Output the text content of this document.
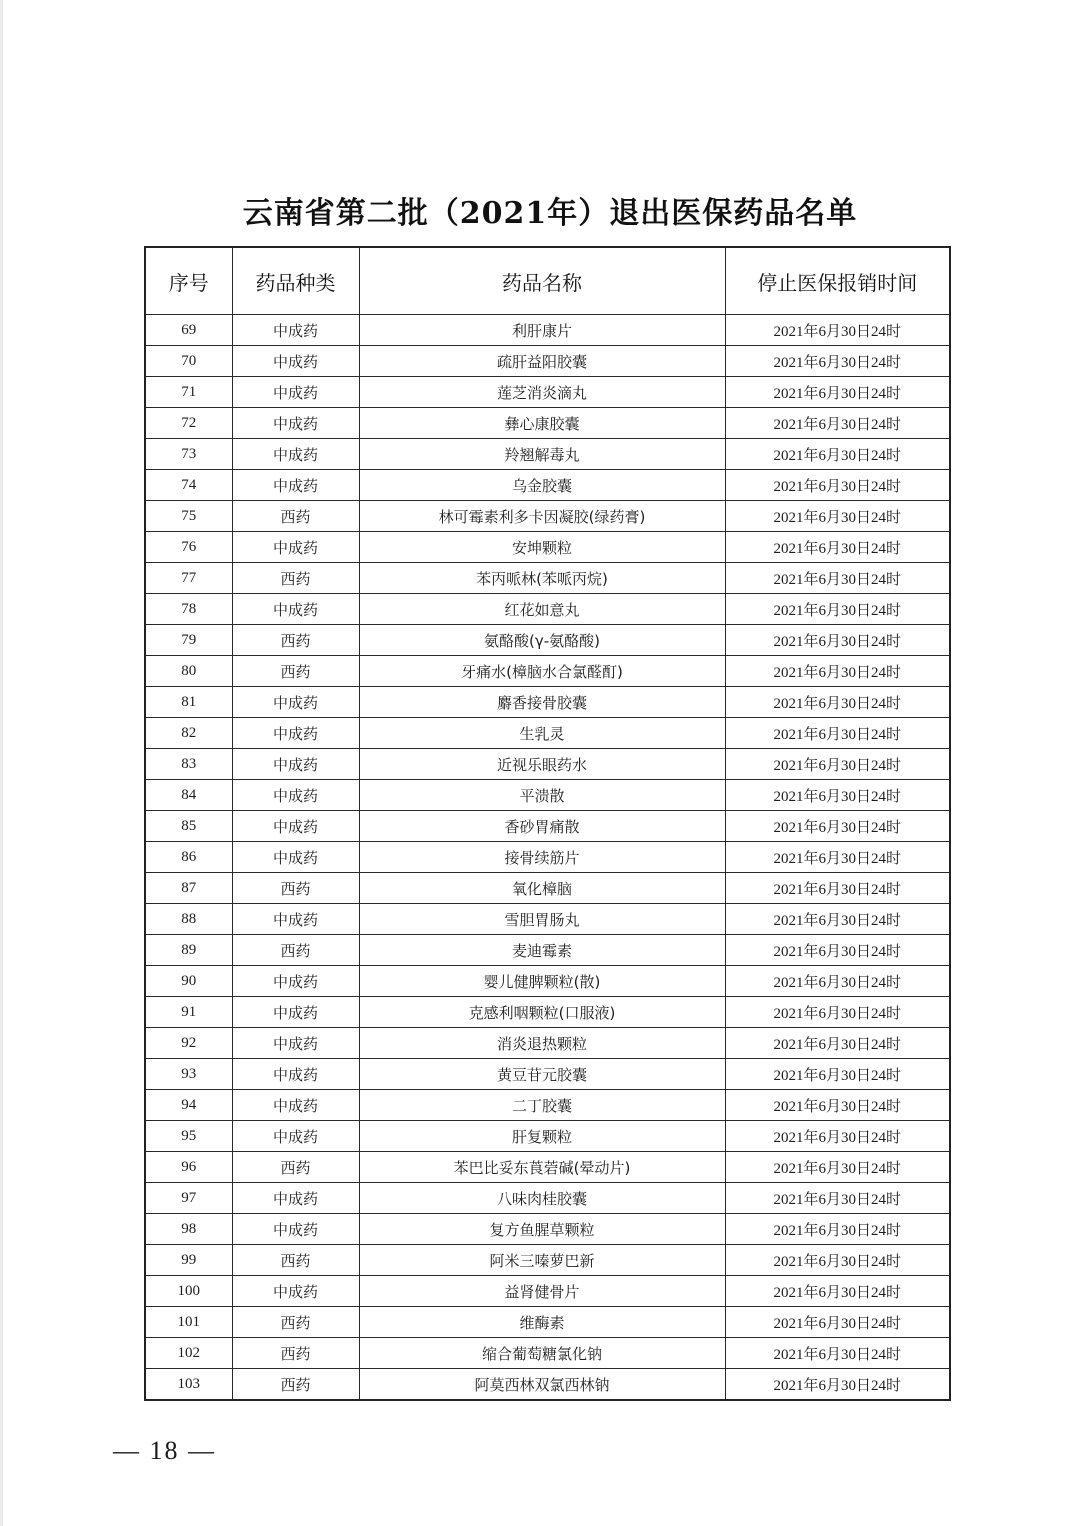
云南省第二批（2021年）退出医保药品名单
序号	药品种类	药品名称	停止医保报销时间
69	中成药	利肝康片	2021年6月30日24时
70	中成药	疏肝益阳胶囊	2021年6月30日24时
71	中成药	莲芝消炎滴丸	2021年6月30日24时
72	中成药	彝心康胶囊	2021年6月30日24时
73	中成药	羚翘解毒丸	2021年6月30日24时
74	中成药	乌金胶囊	2021年6月30日24时
75	西药	林可霉素利多卡因凝胶(绿药膏)	2021年6月30日24时
76	中成药	安坤颗粒	2021年6月30日24时
77	西药	苯丙哌林(苯哌丙烷)	2021年6月30日24时
78	中成药	红花如意丸	2021年6月30日24时
79	西药	氨酪酸(γ-氨酪酸)	2021年6月30日24时
80	西药	牙痛水(樟脑水合氯醛酊)	2021年6月30日24时
81	中成药	麝香接骨胶囊	2021年6月30日24时
82	中成药	生乳灵	2021年6月30日24时
83	中成药	近视乐眼药水	2021年6月30日24时
84	中成药	平溃散	2021年6月30日24时
85	中成药	香砂胃痛散	2021年6月30日24时
86	中成药	接骨续筋片	2021年6月30日24时
87	西药	氧化樟脑	2021年6月30日24时
88	中成药	雪胆胃肠丸	2021年6月30日24时
89	西药	麦迪霉素	2021年6月30日24时
90	中成药	婴儿健脾颗粒(散)	2021年6月30日24时
91	中成药	克感利咽颗粒(口服液)	2021年6月30日24时
92	中成药	消炎退热颗粒	2021年6月30日24时
93	中成药	黄豆苷元胶囊	2021年6月30日24时
94	中成药	二丁胶囊	2021年6月30日24时
95	中成药	肝复颗粒	2021年6月30日24时
96	西药	苯巴比妥东莨菪碱(晕动片)	2021年6月30日24时
97	中成药	八味肉桂胶囊	2021年6月30日24时
98	中成药	复方鱼腥草颗粒	2021年6月30日24时
99	西药	阿米三嗪萝巴新	2021年6月30日24时
100	中成药	益肾健骨片	2021年6月30日24时
101	西药	维酶素	2021年6月30日24时
102	西药	缩合葡萄糖氯化钠	2021年6月30日24时
103	西药	阿莫西林双氯西林钠	2021年6月30日24时
— 18 —
